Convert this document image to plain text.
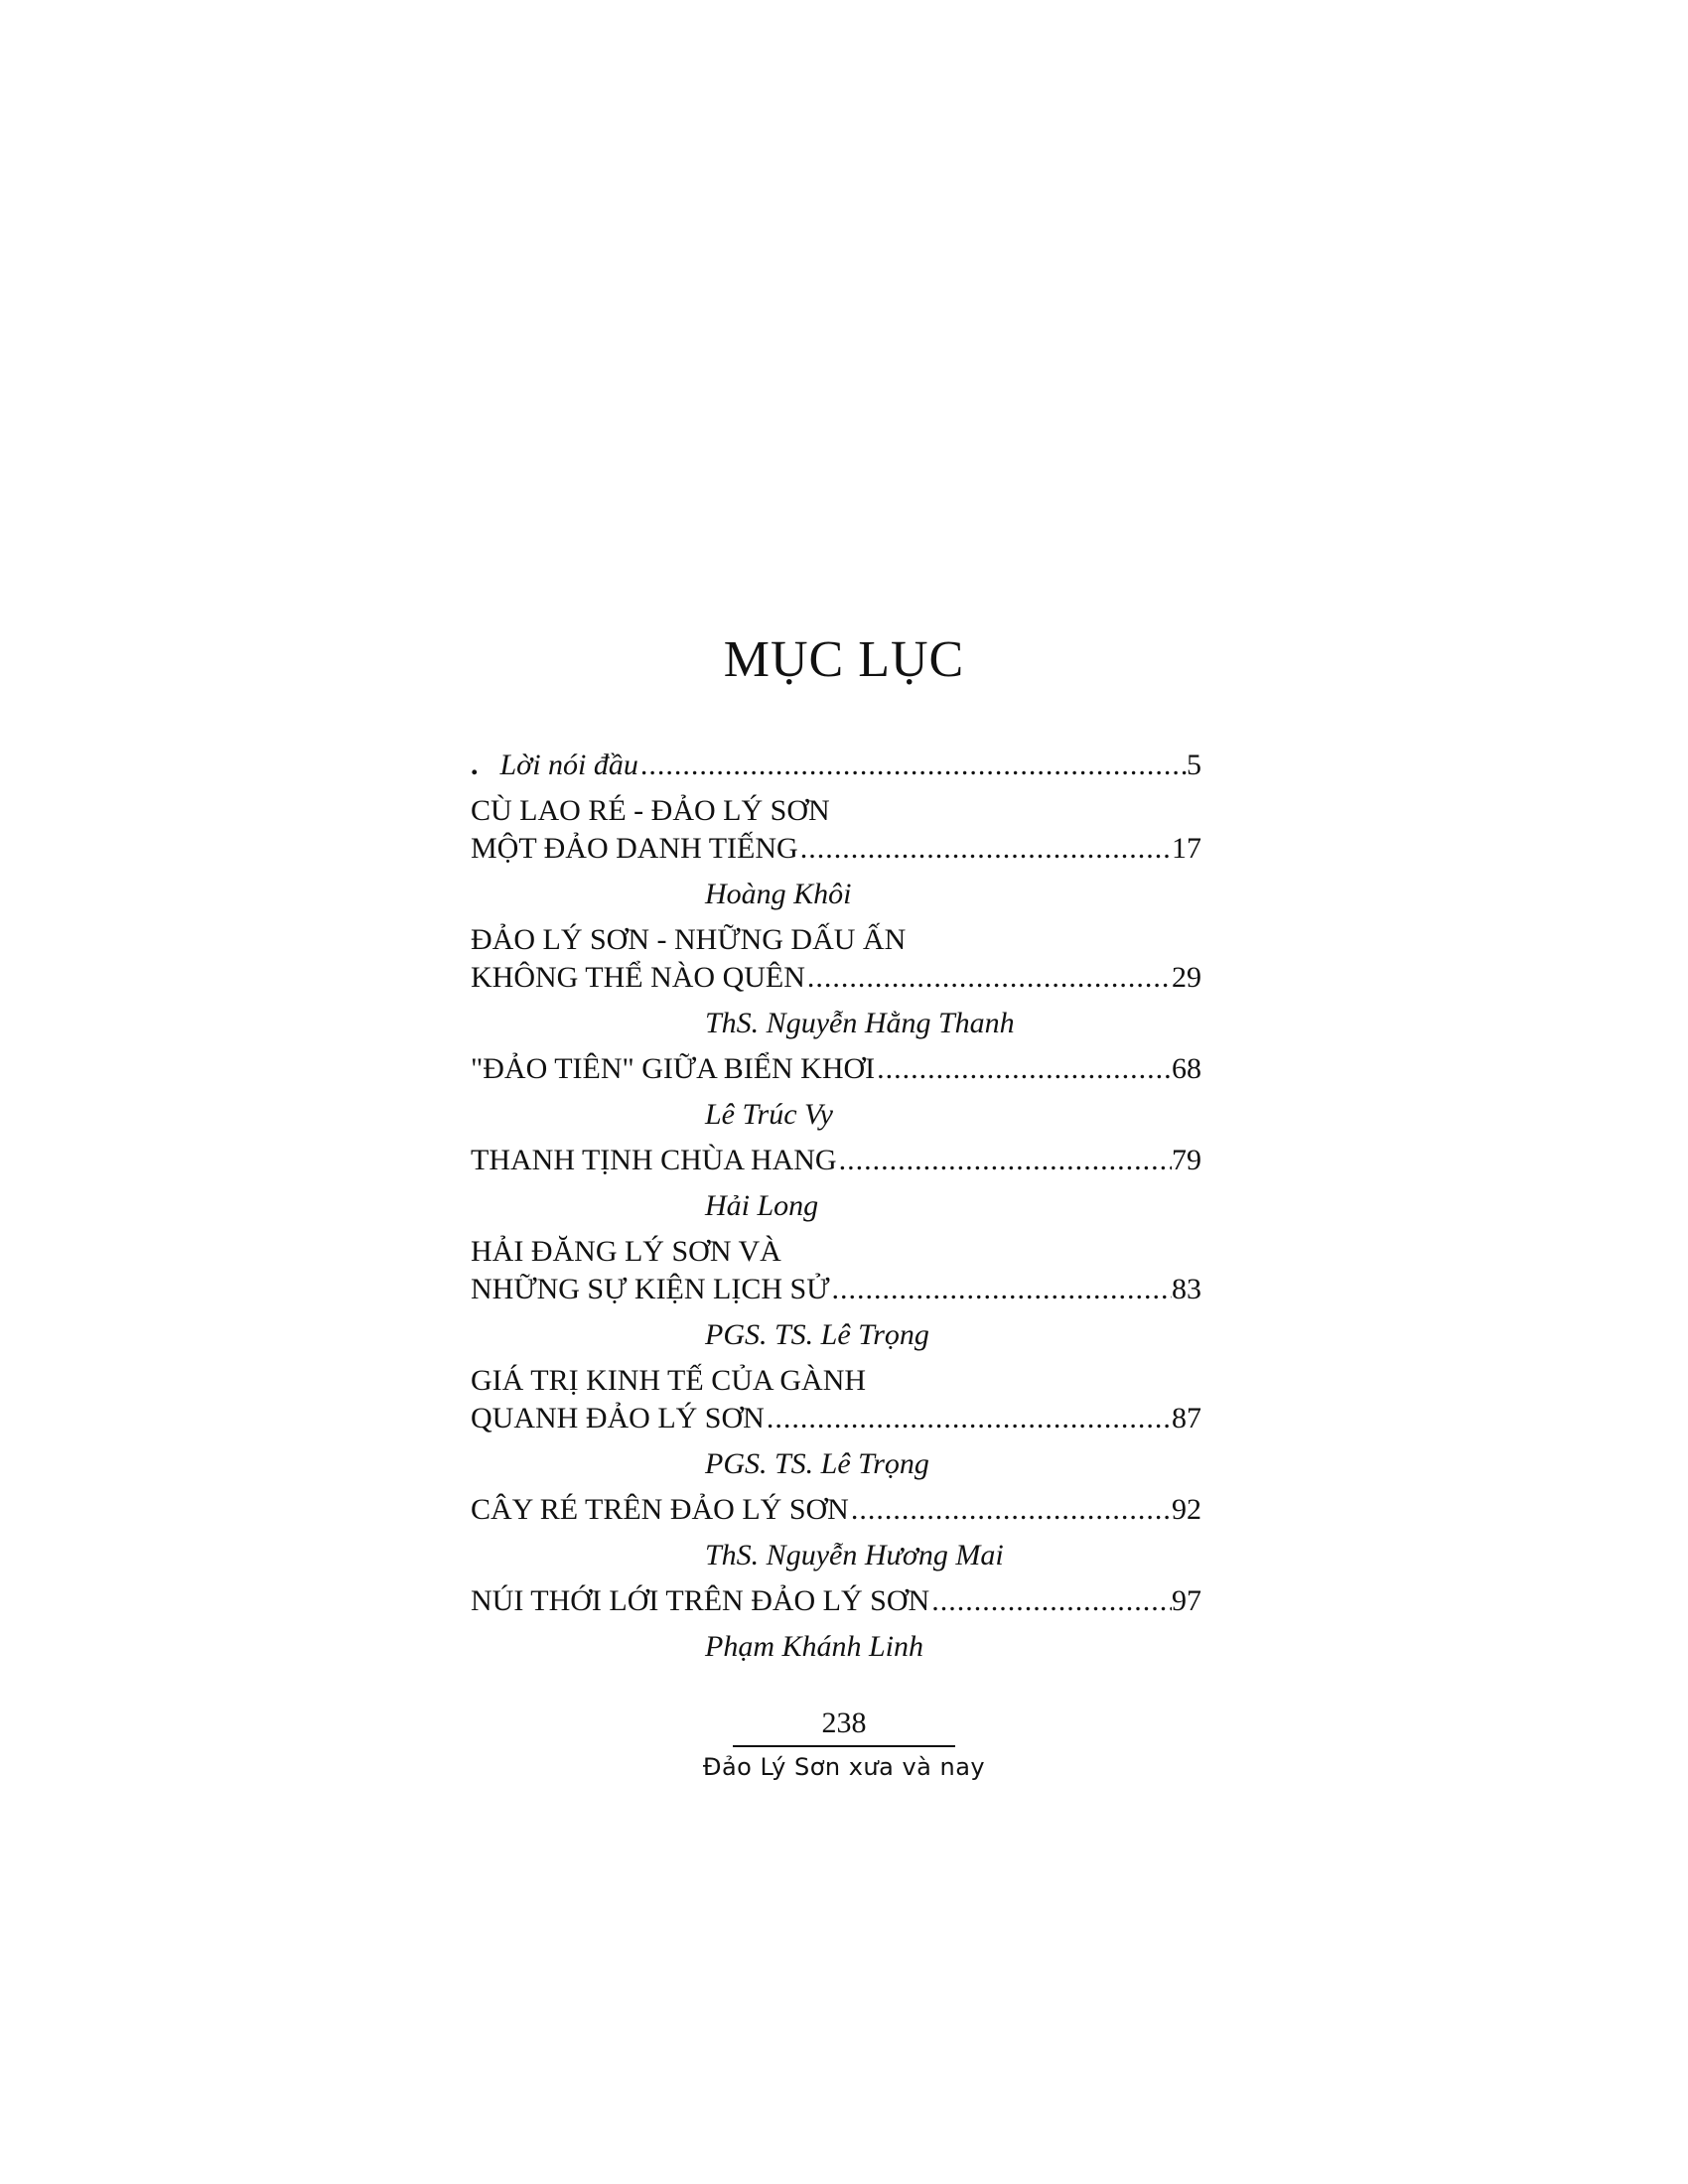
MỤC LỤC
. Lời nói đầu .....	5
CÙ LAO RÉ - ĐẢO LÝ SƠN
MỘT ĐẢO DANH TIẾNG .....	17
Hoàng Khôi
ĐẢO LÝ SƠN - NHỮNG DẤU ẤN
KHÔNG THỂ NÀO QUÊN .....	29
ThS. Nguyễn Hằng Thanh
"ĐẢO TIÊN" GIỮA BIỂN KHƠI .....	68
Lê Trúc Vy
THANH TỊNH CHÙA HANG .....	79
Hải Long
HẢI ĐĂNG LÝ SƠN VÀ
NHỮNG SỰ KIỆN LỊCH SỬ .....	83
PGS. TS. Lê Trọng
GIÁ TRỊ KINH TẾ CỦA GÀNH
QUANH ĐẢO LÝ SƠN .....	87
PGS. TS. Lê Trọng
CÂY RÉ TRÊN ĐẢO LÝ SƠN .....	92
ThS. Nguyễn Hương Mai
NÚI THỚI LỚI TRÊN ĐẢO LÝ SƠN .....	97
Phạm Khánh Linh
238
Đảo Lý Sơn xưa và nay
